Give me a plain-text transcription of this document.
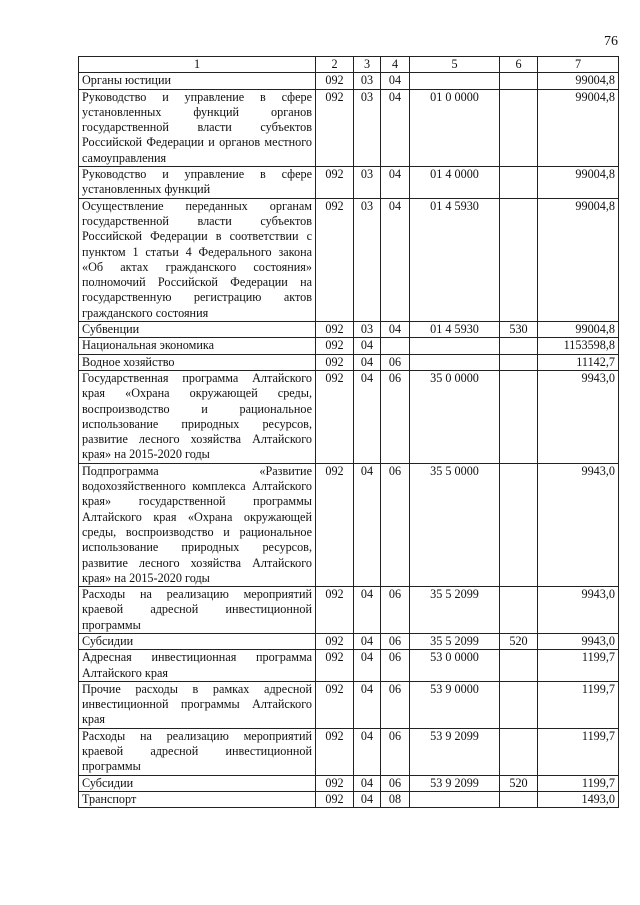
76
1	2	3	4	5	6	7
Органы юстиции	092	03	04			99004,8
Руководство и управление в сфере установленных функций органов государственной власти субъектов Российской Федерации и органов местного самоуправления	092	03	04	01 0 0000		99004,8
Руководство и управление в сфере установленных функций	092	03	04	01 4 0000		99004,8
Осуществление переданных органам государственной власти субъектов Российской Федерации в соответствии с пунктом 1 статьи 4 Федерального закона «Об актах гражданского состояния» полномочий Российской Федерации на государственную регистрацию актов гражданского состояния	092	03	04	01 4 5930		99004,8
Субвенции	092	03	04	01 4 5930	530	99004,8
Национальная экономика	092	04				1153598,8
Водное хозяйство	092	04	06			11142,7
Государственная программа Алтайского края «Охрана окружающей среды, воспроизводство и рациональное использование природных ресурсов, развитие лесного хозяйства Алтайского края» на 2015-2020 годы	092	04	06	35 0 0000		9943,0
Подпрограмма «Развитие водохозяйственного комплекса Алтайского края» государственной программы Алтайского края «Охрана окружающей среды, воспроизводство и рациональное использование природных ресурсов, развитие лесного хозяйства Алтайского края» на 2015-2020 годы	092	04	06	35 5 0000		9943,0
Расходы на реализацию мероприятий краевой адресной инвестиционной программы	092	04	06	35 5 2099		9943,0
Субсидии	092	04	06	35 5 2099	520	9943,0
Адресная инвестиционная программа Алтайского края	092	04	06	53 0 0000		1199,7
Прочие расходы в рамках адресной инвестиционной программы Алтайского края	092	04	06	53 9 0000		1199,7
Расходы на реализацию мероприятий краевой адресной инвестиционной программы	092	04	06	53 9 2099		1199,7
Субсидии	092	04	06	53 9 2099	520	1199,7
Транспорт	092	04	08			1493,0
